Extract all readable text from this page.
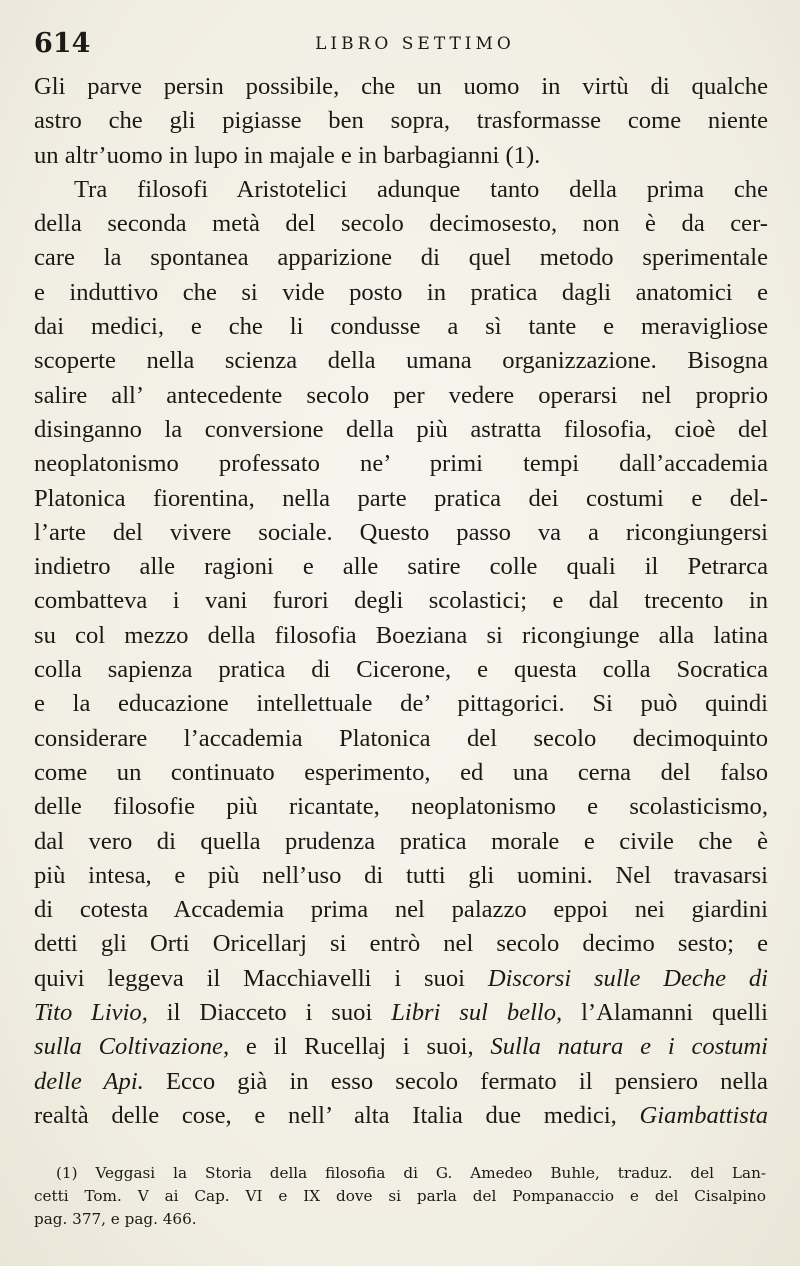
614	LIBRO SETTIMO
Gli parve persin possibile, che un uomo in virtù di qualche
astro che gli pigiasse ben sopra, trasformasse come niente
un altr’uomo in lupo in majale e in barbagianni (1).
Tra filosofi Aristotelici adunque tanto della prima che
della seconda metà del secolo decimosesto, non è da cer-
care la spontanea apparizione di quel metodo sperimentale
e induttivo che si vide posto in pratica dagli anatomici e
dai medici, e che li condusse a sì tante e meravigliose
scoperte nella scienza della umana organizzazione. Bisogna
salire all’ antecedente secolo per vedere operarsi nel proprio
disinganno la conversione della più astratta filosofia, cioè del
neoplatonismo professato ne’ primi tempi dall’accademia
Platonica fiorentina, nella parte pratica dei costumi e del-
l’arte del vivere sociale. Questo passo va a ricongiungersi
indietro alle ragioni e alle satire colle quali il Petrarca
combatteva i vani furori degli scolastici; e dal trecento in
su col mezzo della filosofia Boeziana si ricongiunge alla latina
colla sapienza pratica di Cicerone, e questa colla Socratica
e la educazione intellettuale de’ pittagorici. Si può quindi
considerare l’accademia Platonica del secolo decimoquinto
come un continuato esperimento, ed una cerna del falso
delle filosofie più ricantate, neoplatonismo e scolasticismo,
dal vero di quella prudenza pratica morale e civile che è
più intesa, e più nell’uso di tutti gli uomini. Nel travasarsi
di cotesta Accademia prima nel palazzo eppoi nei giardini
detti gli Orti Oricellarj si entrò nel secolo decimo sesto; e
quivi leggeva il Macchiavelli i suoi Discorsi sulle Deche di
Tito Livio, il Diacceto i suoi Libri sul bello, l’Alamanni quelli
sulla Coltivazione, e il Rucellaj i suoi, Sulla natura e i costumi
delle Api. Ecco già in esso secolo fermato il pensiero nella
realtà delle cose, e nell’ alta Italia due medici, Giambattista

(1) Veggasi la Storia della filosofia di G. Amedeo Buhle, traduz. del Lan-
cetti Tom. V ai Cap. VI e IX dove si parla del Pompanaccio e del Cisalpino
pag. 377, e pag. 466.
